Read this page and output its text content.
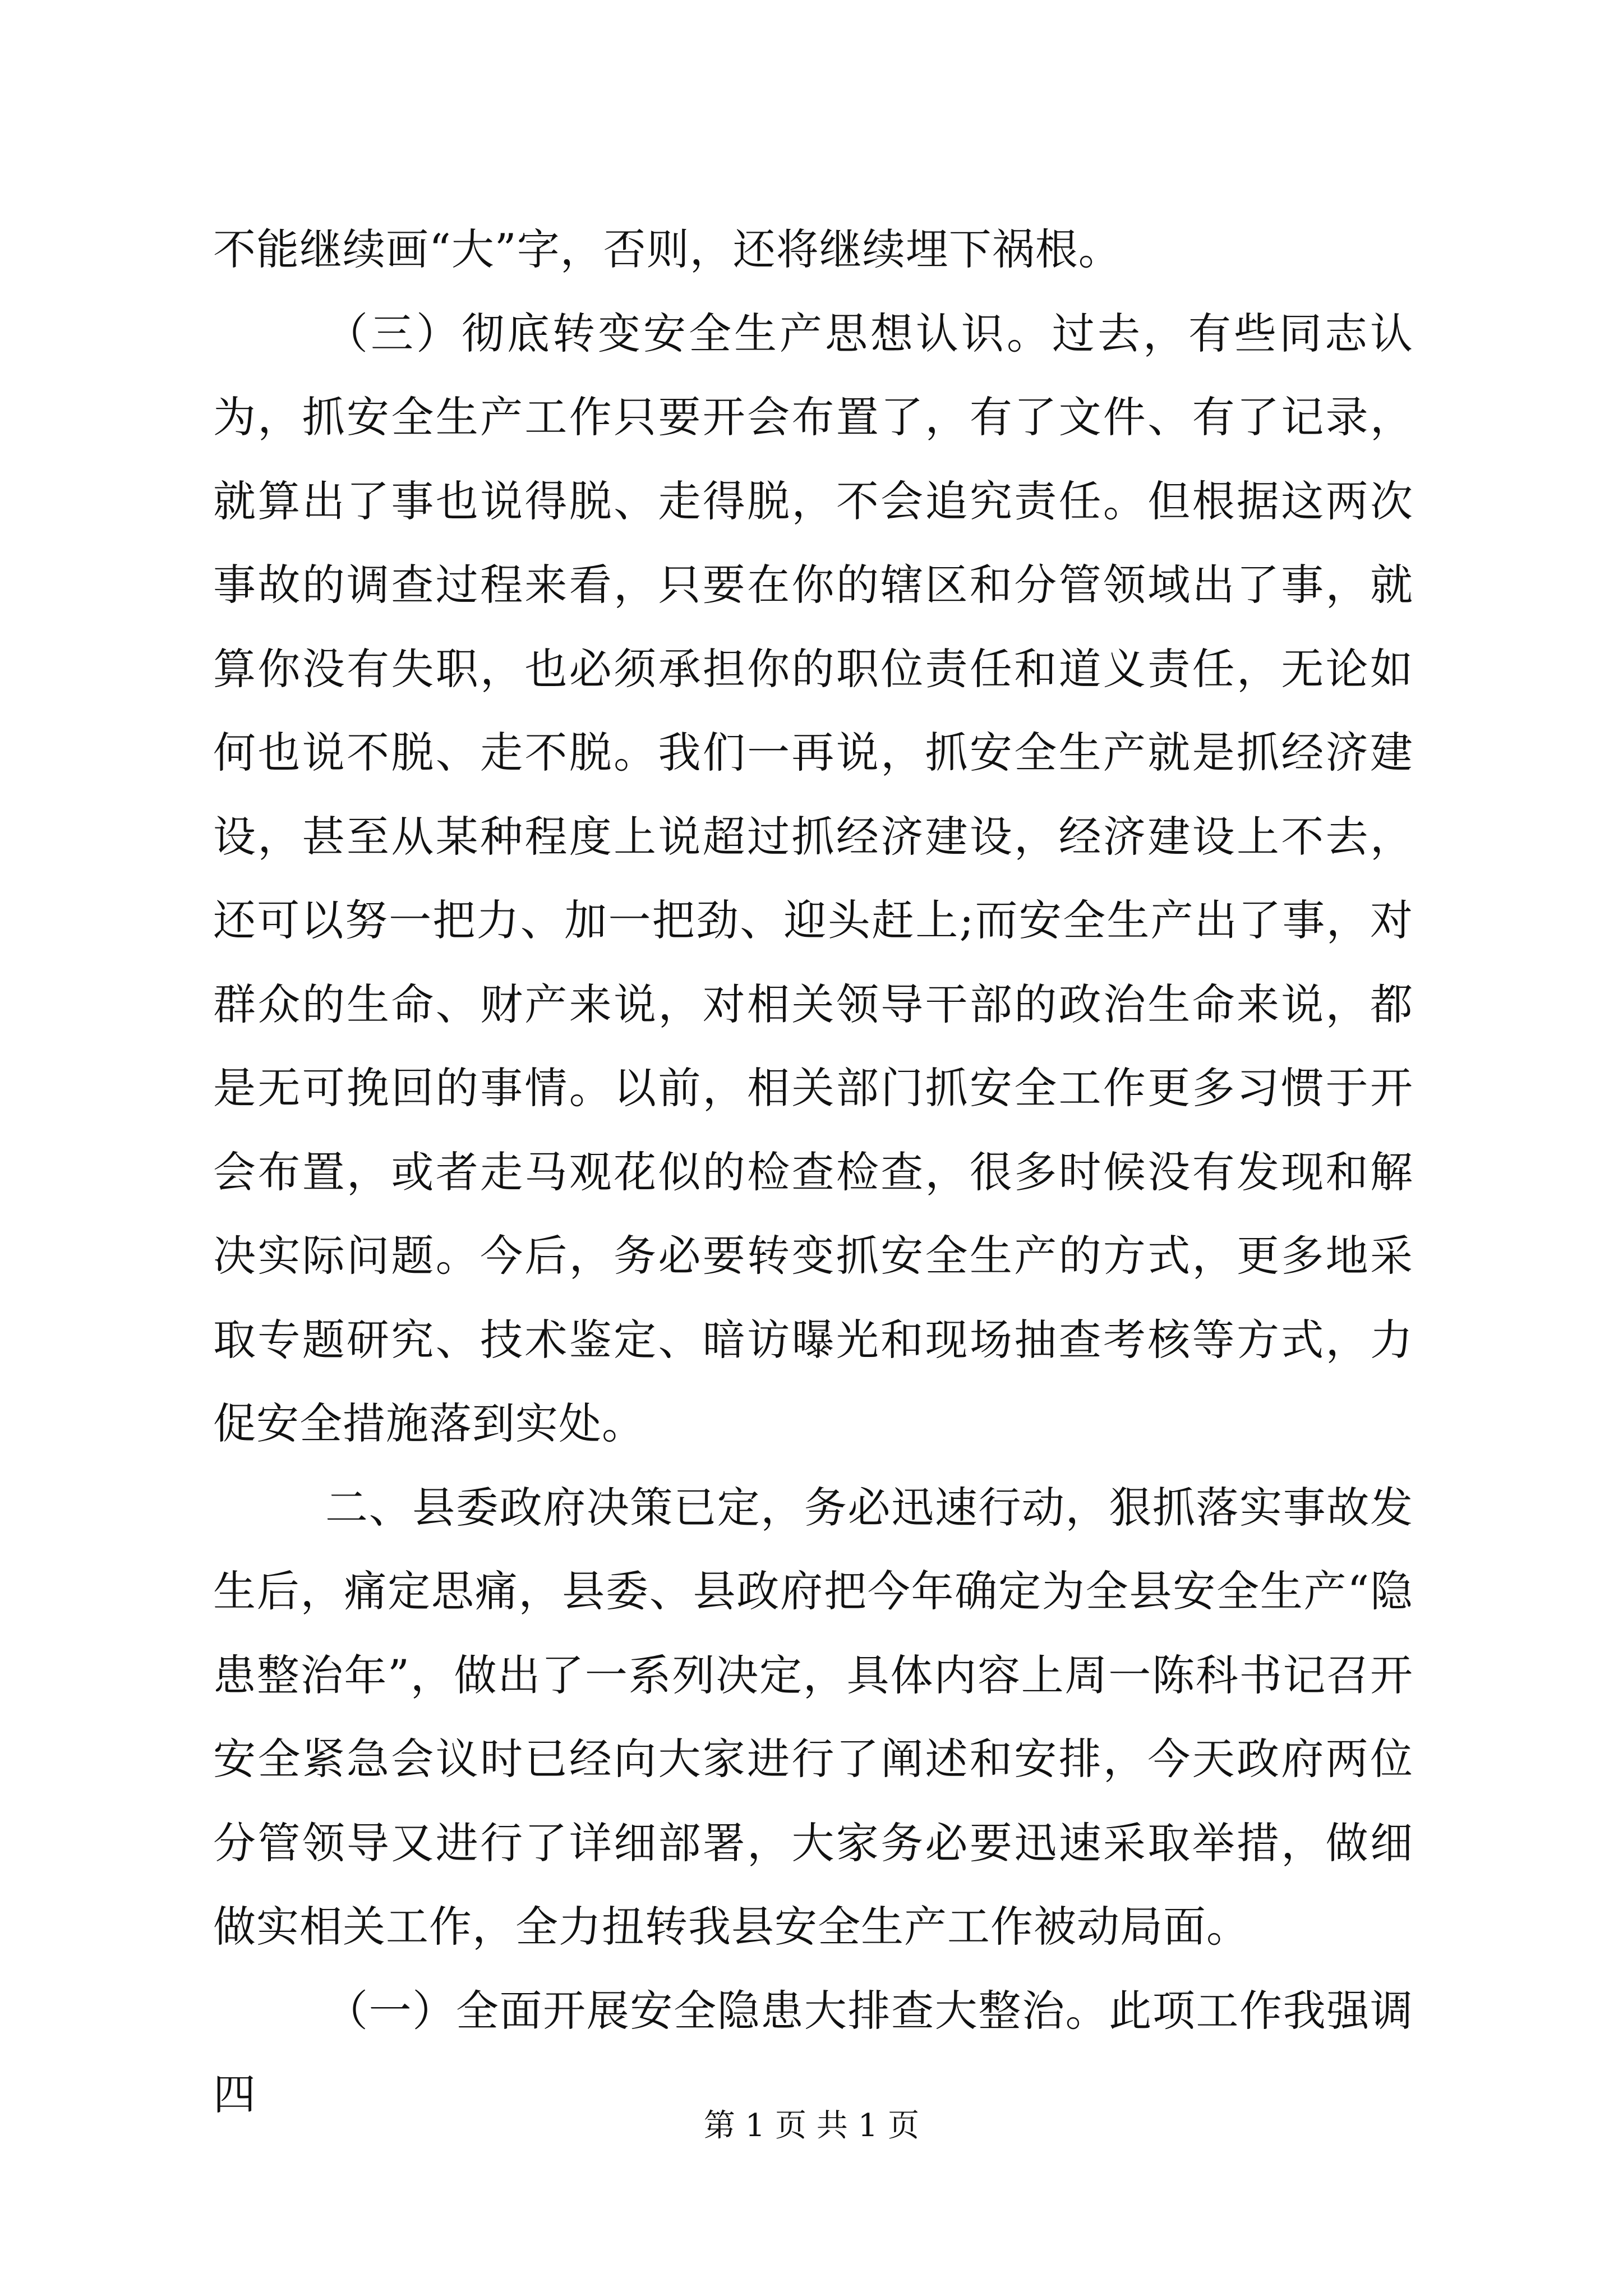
不能继续画“大”字，否则，还将继续埋下祸根。

（三）彻底转变安全生产思想认识。过去，有些同志认为，抓安全生产工作只要开会布置了，有了文件、有了记录，就算出了事也说得脱、走得脱，不会追究责任。但根据这两次事故的调查过程来看，只要在你的辖区和分管领域出了事，就算你没有失职，也必须承担你的职位责任和道义责任，无论如何也说不脱、走不脱。我们一再说，抓安全生产就是抓经济建设，甚至从某种程度上说超过抓经济建设，经济建设上不去，还可以努一把力、加一把劲、迎头赶上;而安全生产出了事，对群众的生命、财产来说，对相关领导干部的政治生命来说，都是无可挽回的事情。以前，相关部门抓安全工作更多习惯于开会布置，或者走马观花似的检查检查，很多时候没有发现和解决实际问题。今后，务必要转变抓安全生产的方式，更多地采取专题研究、技术鉴定、暗访曝光和现场抽查考核等方式，力促安全措施落到实处。

二、县委政府决策已定，务必迅速行动，狠抓落实事故发生后，痛定思痛，县委、县政府把今年确定为全县安全生产“隐患整治年”，做出了一系列决定，具体内容上周一陈科书记召开安全紧急会议时已经向大家进行了阐述和安排，今天政府两位分管领导又进行了详细部署，大家务必要迅速采取举措，做细做实相关工作，全力扭转我县安全生产工作被动局面。

（一）全面开展安全隐患大排查大整治。此项工作我强调四

第 1 页 共 1 页
